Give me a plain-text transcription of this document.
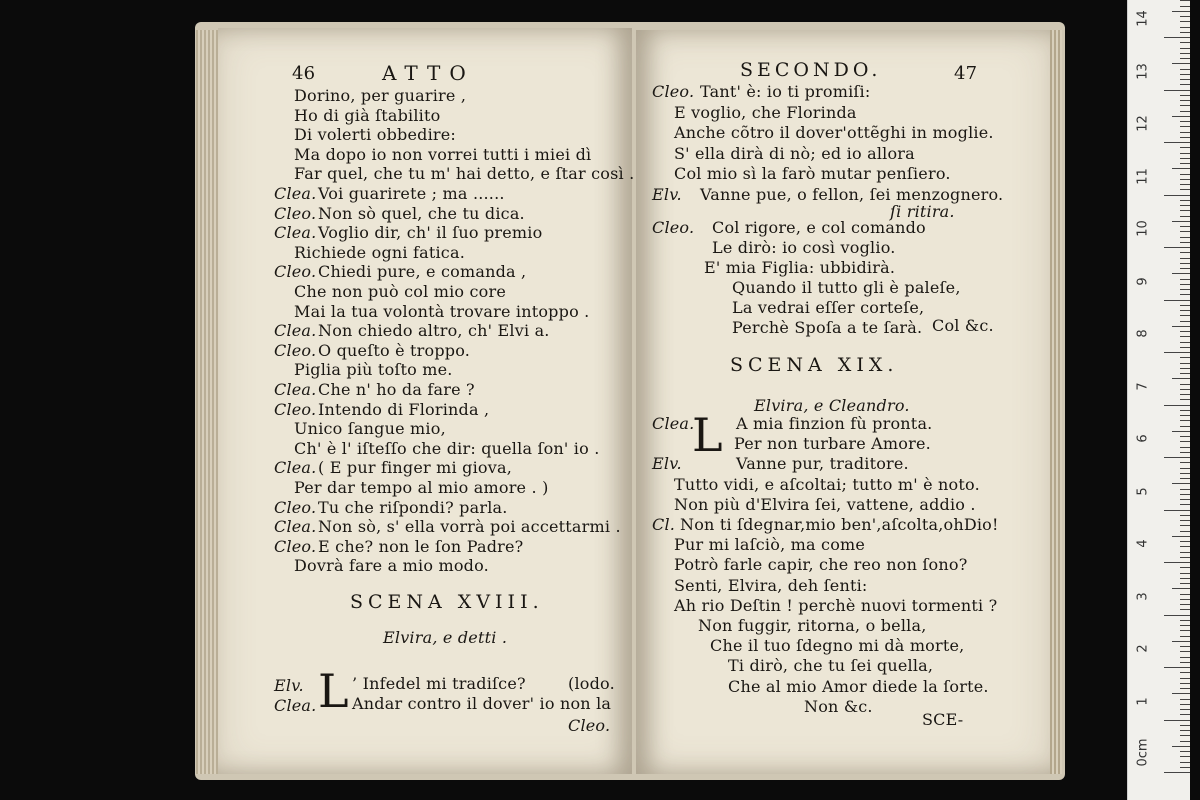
46	ATTO
Dorino, per guarire ,
Ho di già ſtabilito
Di volerti obbedire:
Ma dopo io non vorrei tutti i miei dì
Far quel, che tu m' hai detto, e ſtar così .
Clea. Voi guarirete ; ma ......
Cleo. Non sò quel, che tu dica.
Clea. Voglio dir, ch' il ſuo premio
Richiede ogni fatica.
Cleo. Chiedi pure, e comanda ,
Che non può col mio core
Mai la tua volontà trovare intoppo .
Clea. Non chiedo altro, ch' Elvi a.
Cleo. O queſto è troppo.
Piglia più toſto me.
Clea. Che n' ho da fare ?
Cleo. Intendo di Florinda ,
Unico ſangue mio,
Ch' è l' iſteſſo che dir: quella ſon' io .
Clea. ( E pur finger mi giova,
Per dar tempo al mio amore . )
Cleo. Tu che riſpondi? parla.
Clea. Non sò, s' ella vorrà poi accettarmi .
Cleo. E che? non le ſon Padre?
Dovrà fare a mio modo.
SCENA XVIII.
Elvira, e detti .
L
Elv.	’ Infedel mi tradiſce?	(lodo.
Clea. Andar contro il dover' io non la
Cleo.
SECONDO.	47
Cleo. Tant' è: io ti promiſi:
E voglio, che Florinda
Anche cõtro il dover'ottẽghi in moglie.
S' ella dirà di nò; ed io allora
Col mio sì la farò mutar penſiero.
Elv. Vanne pue, o fellon, ſei menzognero.
ſi ritira.
Cleo. Col rigore, e col comando
Le dirò: io così voglio.
E' mia Figlia: ubbidirà.
Quando il tutto gli è paleſe,
La vedrai eſſer corteſe,
Perchè Spoſa a te ſarà. Col &c.
SCENA XIX.
Elvira, e Cleandro.
L
Clea.	A mia finzion fù pronta.
Per non turbare Amore.
Elv.	Vanne pur, traditore.
Tutto vidi, e aſcoltai; tutto m' è noto.
Non più d'Elvira ſei, vattene, addio .
Cl. Non ti ſdegnar,mio ben',aſcolta,ohDio!
Pur mi laſciò, ma come
Potrò farle capir, che reo non ſono?
Senti, Elvira, deh ſenti:
Ah rio Deſtin ! perchè nuovi tormenti ?
Non fuggir, ritorna, o bella,
Che il tuo ſdegno mi dà morte,
Ti dirò, che tu ſei quella,
Che al mio Amor diede la ſorte.
Non &c.
SCE-
14
13
12
11
10
9
8
7
6
5
4
3
2
1
0cm
